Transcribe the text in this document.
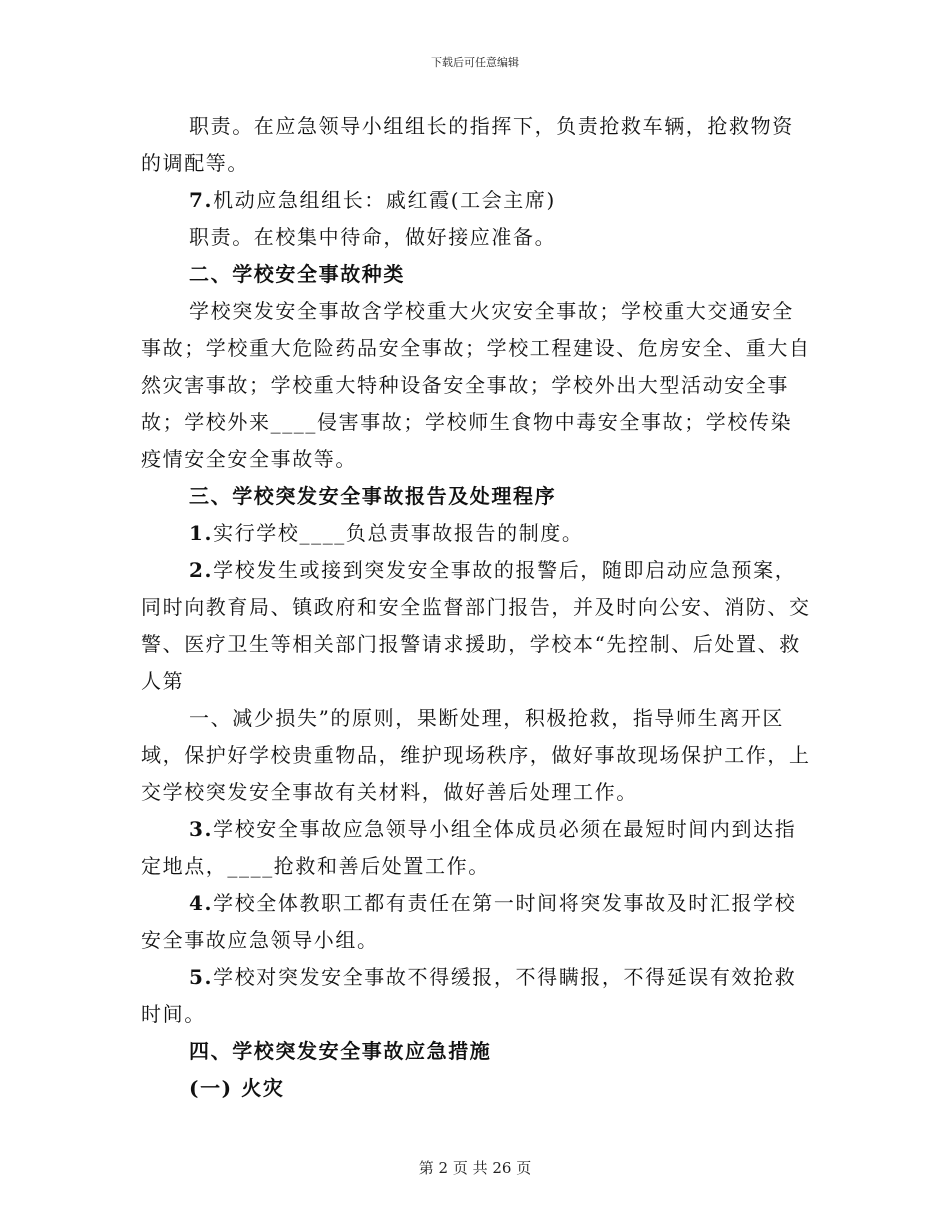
下载后可任意编辑

职责。在应急领导小组组长的指挥下，负责抢救车辆，抢救物资的调配等。

7.机动应急组组长：戚红霞(工会主席)

职责。在校集中待命，做好接应准备。

二、学校安全事故种类

学校突发安全事故含学校重大火灾安全事故；学校重大交通安全事故；学校重大危险药品安全事故；学校工程建设、危房安全、重大自然灾害事故；学校重大特种设备安全事故；学校外出大型活动安全事故；学校外来____侵害事故；学校师生食物中毒安全事故；学校传染疫情安全安全事故等。

三、学校突发安全事故报告及处理程序

1.实行学校____负总责事故报告的制度。

2.学校发生或接到突发安全事故的报警后，随即启动应急预案，同时向教育局、镇政府和安全监督部门报告，并及时向公安、消防、交警、医疗卫生等相关部门报警请求援助，学校本“先控制、后处置、救人第

一、减少损失”的原则，果断处理，积极抢救，指导师生离开区域，保护好学校贵重物品，维护现场秩序，做好事故现场保护工作，上交学校突发安全事故有关材料，做好善后处理工作。

3.学校安全事故应急领导小组全体成员必须在最短时间内到达指定地点，____抢救和善后处置工作。

4.学校全体教职工都有责任在第一时间将突发事故及时汇报学校安全事故应急领导小组。

5.学校对突发安全事故不得缓报，不得瞒报，不得延误有效抢救时间。

四、学校突发安全事故应急措施

(一) 火灾

第 2 页 共 26 页
